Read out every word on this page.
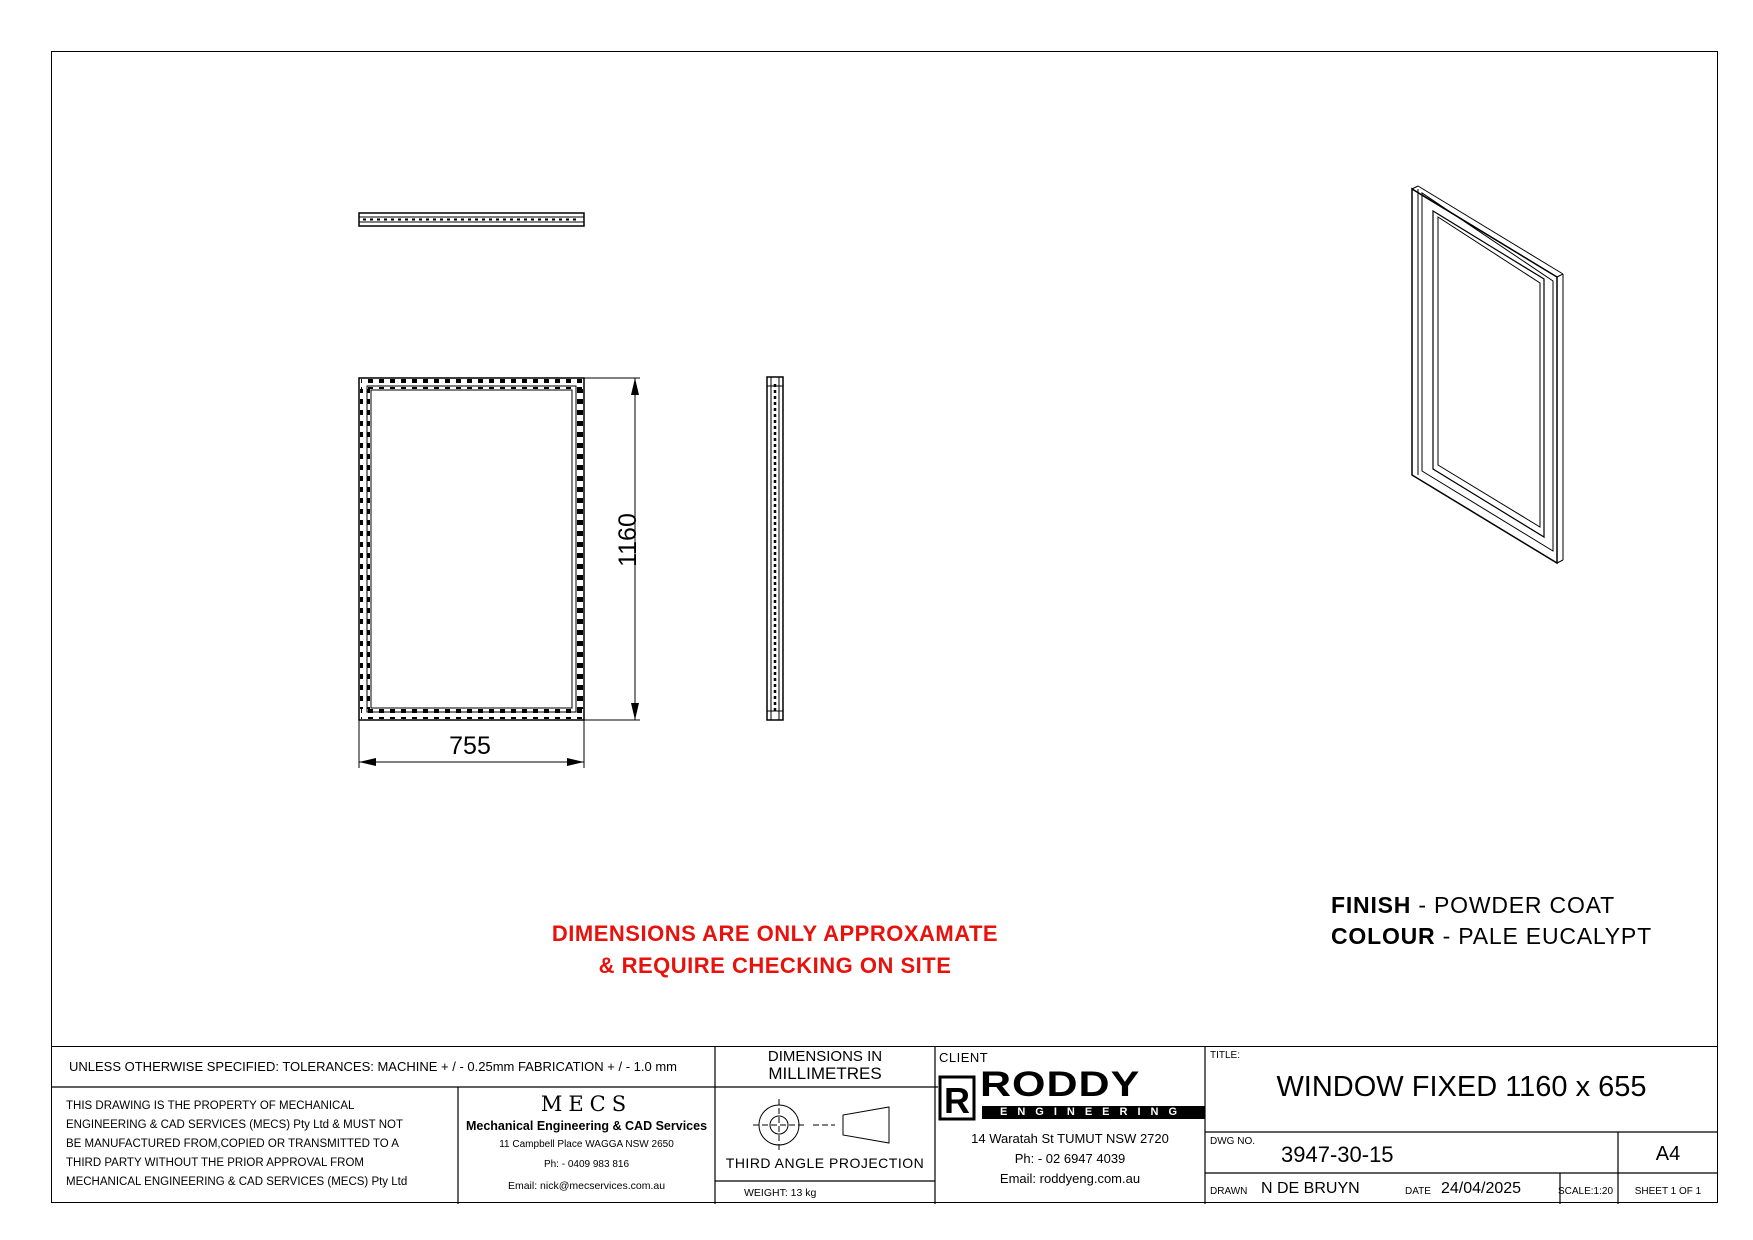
1160
755
DIMENSIONS ARE ONLY APPROXAMATE
& REQUIRE CHECKING ON SITE
FINISH - POWDER COAT
COLOUR - PALE EUCALYPT
UNLESS OTHERWISE SPECIFIED: TOLERANCES: MACHINE + / - 0.25mm FABRICATION + / - 1.0 mm
DIMENSIONS IN
MILLIMETRES
THIS DRAWING IS THE PROPERTY OF MECHANICAL
ENGINEERING & CAD SERVICES (MECS) Pty Ltd & MUST NOT
BE MANUFACTURED FROM,COPIED OR TRANSMITTED TO A
THIRD PARTY WITHOUT THE PRIOR APPROVAL FROM
MECHANICAL ENGINEERING & CAD SERVICES (MECS) Pty Ltd
MECS
Mechanical Engineering & CAD Services
11 Campbell Place WAGGA NSW 2650
Ph: - 0409 983 816
Email: nick@mecservices.com.au
THIRD ANGLE PROJECTION
WEIGHT: 13 kg
CLIENT
R RODDY
ENGINEERING
14 Waratah St TUMUT NSW 2720
Ph: - 02 6947 4039
Email: roddyeng.com.au
TITLE:
WINDOW FIXED 1160 x 655
DWG NO.
3947-30-15	A4
DRAWN N DE BRUYN	DATE 24/04/2025	SCALE:1:20	SHEET 1 OF 1
